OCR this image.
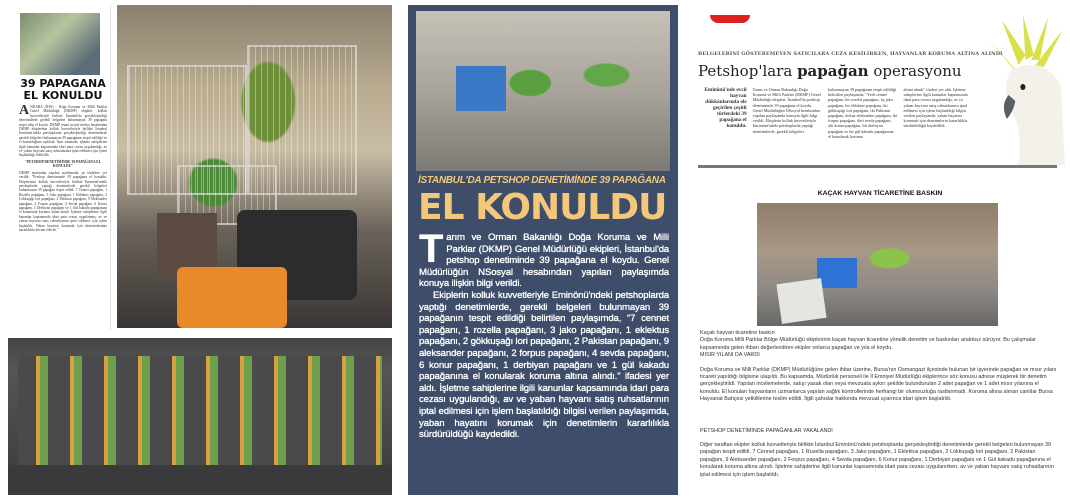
39 PAPAGANA EL KONULDU
A NKARA (İHA) - Doğa Koruma ve Milli Parklar Genel Müdürlüğü (DKMP) ekipleri, kolluk kuvvetleriyle birlikte İstanbul'da gerçekleştirdiği denetimlerde gerekli belgeleri bulunmayan 39 papağanı tespit edip el koydu. DKMP resmi sosyal medya hesabından DKMP ekiplerinin kolluk kuvvetleriyle birlikte İstanbul Eminönü'ndeki petshoplarda gerçekleştirdiği denetimlerde gerekli belgeleri bulunmayan 39 papağanın tespit edildiği ve el konulduğunu açıkladı. Aynı zamanda, işletme sahiplerine ilgili kanunlar kapsamında idari para cezası uygulandığı, av ve yaban hayvanı satış ruhsatlarının iptal edilmesi için işlem başlatıldığı bildirildi.
"PETSHOP DENETİMİNDE 39 PAPAĞANA EL KONULDU"
DKMP tarafından yapılan açıklamada, şu ifadelere yer verildi: "Petshop denetiminde 39 papağana el konuldu. Ekiplerimiz kolluk kuvvetleriyle birlikte Eminönü'ndeki petshoplarda yaptığı denetimlerde gerekli belgeleri bulunmayan 39 papağan tespit edildi. 7 Cennet papağanı, 1 Rozella papağanı, 3 Jako papağanı, 1 Eklektus papağanı, 2 Lökkuşağı lori papağanı, 2 Pakistan papağanı, 9 Aleksander papağanı, 2 Forpus papağanı, 4 Sevda papağanı, 6 Konur papağanı, 1 Derbiyan papağanı ve 1 Gül kakadu papağanına el konularak koruma altına alındı. İşletme sahiplerine ilgili kanunlar kapsamında idari para cezası uygulanmış, av ve yaban hayvanı satış ruhsatlarının iptal edilmesi için işlem başlatıldı. Yaban hayatını korumak için denetimlerimiz kararlılıkla devam edecek."
İSTANBUL'DA PETSHOP DENETİMİNDE 39 PAPAĞANA
EL KONULDU

Tarım ve Orman Bakanlığı Doğa Koruma ve Milli Parklar (DKMP) Genel Müdürlüğü ekipleri, İstanbul'da petshop denetiminde 39 papağana el koydu. Genel Müdürlüğün NSosyal hesabından yapılan paylaşımda konuya ilişkin bilgi verildi.

Ekiplerin kolluk kuvvetleriyle Eminönü'ndeki petshoplarda yaptığı denetimlerde, gerekli belgeleri bulunmayan 39 papağanın tespit edildiği belirtilen paylaşımda, “7 cennet papağanı, 1 rozella papağanı, 3 jako papağanı, 1 eklektus papağanı, 2 gökkuşağı lori papağanı, 2 Pakistan papağanı, 9 aleksander papağanı, 2 forpus papağanı, 4 sevda papağanı, 6 konur papağanı, 1 derbiyan papağanı ve 1 gül kakadu papağanına el konularak koruma altına alındı.” ifadesi yer aldı. İşletme sahiplerine ilgili kanunlar kapsamında idari para cezası uygulandığı, av ve yaban hayvanı satış ruhsatlarının iptal edilmesi için işlem başlatıldığı bilgisi verilen paylaşımda, yaban hayatını korumak için denetimlerin kararlılıkla sürdürüldüğü kaydedildi.

BELGELERİNİ GÖSTEREMEYEN SATICILARA CEZA KESİLİRKEN, HAYVANLAR KORUMA ALTINA ALINDI
Petshop'lara papağan operasyonu
Eminönü'nde evcil hayvan dükkânlarında ele geçirilen çeşitli türlerdeki 39 papağana el konuldu.
Tarım ve Orman Bakanlığı Doğa Koruma ve Milli Parklar (DKMP) Genel Müdürlüğü ekipleri, İstanbul'da petshop denetiminde 39 papağana el koydu. Genel Müdürlüğün NSosyal hesabından yapılan paylaşımda konuyla ilgili bilgi verildi. Ekiplerin kolluk kuvvetleriyle Eminönü'ndeki petshoplarda yaptığı denetimlerde, gerekli belgeleri
bulunmayan 39 papağanın tespit edildiği belirtilen paylaşımda, "Yedi cennet papağanı, bir rozella papağanı, üç jako papağanı, bir eklektus papağanı, iki gökkuşağı lori papağanı, iki Pakistan papağanı, dokuz aleksander papağanı, iki forpus papağanı, dört sevda papağanı, altı konur papağanı, bir derbiyan papağanı ve bir gül kakadu papağanına el konularak koruma
altına alındı" ifadesi yer aldı. İşletme sahiplerine ilgili kanunlar kapsamında idari para cezası uygulandığı, av ve yaban hayvanı satış ruhsatlarının iptal edilmesi için işlem başlatıldığı bilgisi verilen paylaşımda, yaban hayatını korumak için denetimlerin kararlılıkla sürdürüldüğü kaydedildi.
KAÇAK HAYVAN TİCARETİNE BASKIN

Kaçak hayvan ticaretine baskın

Doğa Koruma Milli Parklar Bölge Müdürlüğü ekiplerinin kaçak hayvan ticaretine yönelik denetim ve baskınları aralıksız sürüyor. Bu çalışmalar kapsamında gelen ihbarı değerlendiren ekipler onlarca papağan ve yıla el koydu.

MISIR YILANI DA VARDI

Doğa Koruma ve Milli Parklar (DKMP) Müdürlüğüne gelen ihbar üzerine, Bursa'nın Osmangazi ilçesinde bulunan bir işyerinde papağan ve mısır yılanı ticareti yapıldığı bilgisine ulaşıldı. Bu kapsamda, Müdürlük personeli ile İl Emniyet Müdürlüğü ekiplerince söz konusu adrese müşterek bir denetim gerçekleştirildi. Yapılan incelemelerde, satışı yasak olan veya mevzuata aykırı şekilde bulundurulan 2 adet papağan ve 1 adet mısır yılanına el konuldu. El konulan hayvanların uzmanlarca yapılan sağlık kontrollerinde herhangi bir olumsuzluğa rastlanmadı. Koruma altına alınan canlılar Bursa Hayvanat Bahçesi yetkililerine teslim edildi. İlgili şahıslar hakkında mevzuat uyarınca idari işlem başlatıldı.

PETSHOP DENETİMİNDE PAPAĞANLAR YAKALANDI

Diğer taraftan ekipler kolluk kuvvetleriyle birlikte İstanbul Eminönü'ndeki petshoplarda gerçekleştirdiği denetimlerde gerekli belgeleri bulunmayan 39 papağan tespit edildi. 7 Cennet papağanı, 1 Rozella papağanı, 3 Jako papağanı, 1 Eklektus papağanı, 2 Lökkuşağı lori papağanı, 2 Pakistan papağanı, 9 Aleksander papağanı, 2 Forpus papağanı, 4 Sevda papağanı, 6 Konur papağanı, 1 Derbiyan papağanı ve 1 Gül kakadu papağanına el konularak koruma altına alındı. İşletme sahiplerine ilgili kanunlar kapsamında idari para cezası uygulanırken, av ve yaban hayvanı satış ruhsatlarının iptal edilmesi için işlem başlatıldı.
